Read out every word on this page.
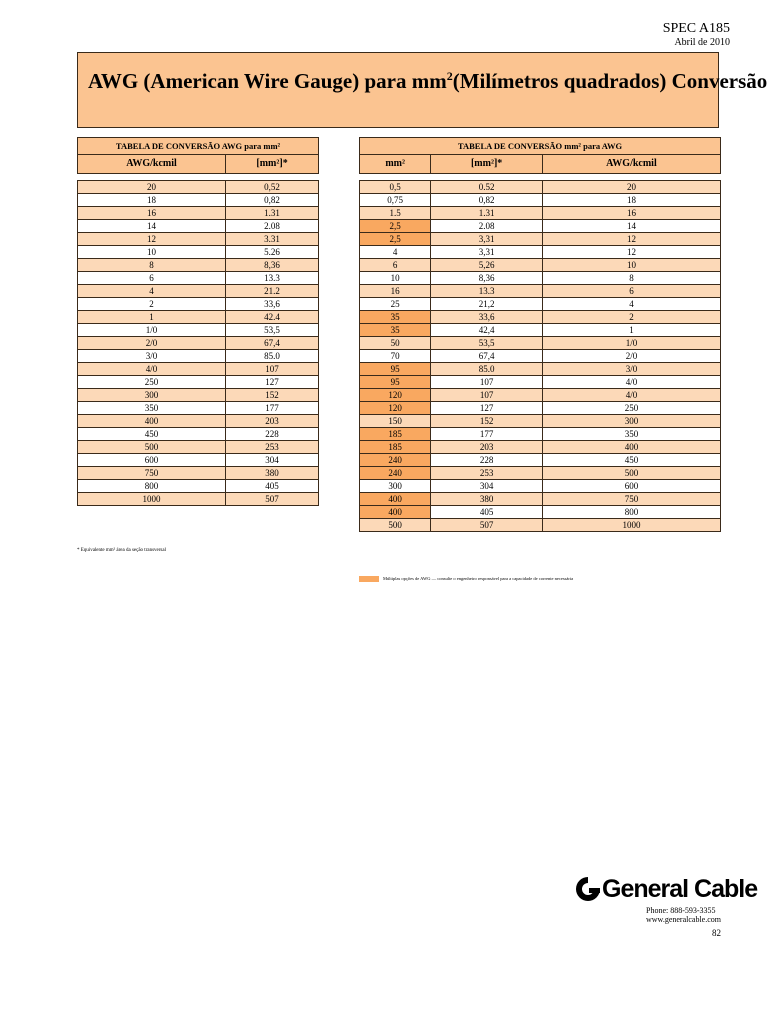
SPEC A185
Abril de 2010
AWG (American Wire Gauge) para $mm^2(Milímetros$ quadrados) Conversão
TABELA DE CONVERSÃO AWG para mm²	
AWG/kcmil	[mm²]*

20	0,52
18	0,82
16	1.31
14	2.08
12	3.31
10	5.26
8	8,36
6	13.3
4	21.2
2	33,6
1	42.4
1/0	53,5
2/0	67,4
3/0	85.0
4/0	107
250	127
300	152
350	177
400	203
450	228
500	253
600	304
750	380
800	405
1000	507
TABELA DE CONVERSÃO mm² para AWG		
mm²	[mm²]*	AWG/kcmil

0,5	0.52	20
0,75	0,82	18
1.5	1.31	16
2,5	2.08	14
2,5	3,31	12
4	3,31	12
6	5,26	10
10	8,36	8
16	13.3	6
25	21,2	4
35	33,6	2
35	42,4	1
50	53,5	1/0
70	67,4	2/0
95	85.0	3/0
95	107	4/0
120	107	4/0
120	127	250
150	152	300
185	177	350
185	203	400
240	228	450
240	253	500
300	304	600
400	380	750
400	405	800
500	507	1000
* Equivalente mm² área da seção transversal
Múltiplas opções de AWG — consulte o engenheiro responsável para a capacidade de corrente necessária
General Cable
Phone: 888-593-3355
www.generalcable.com
82
